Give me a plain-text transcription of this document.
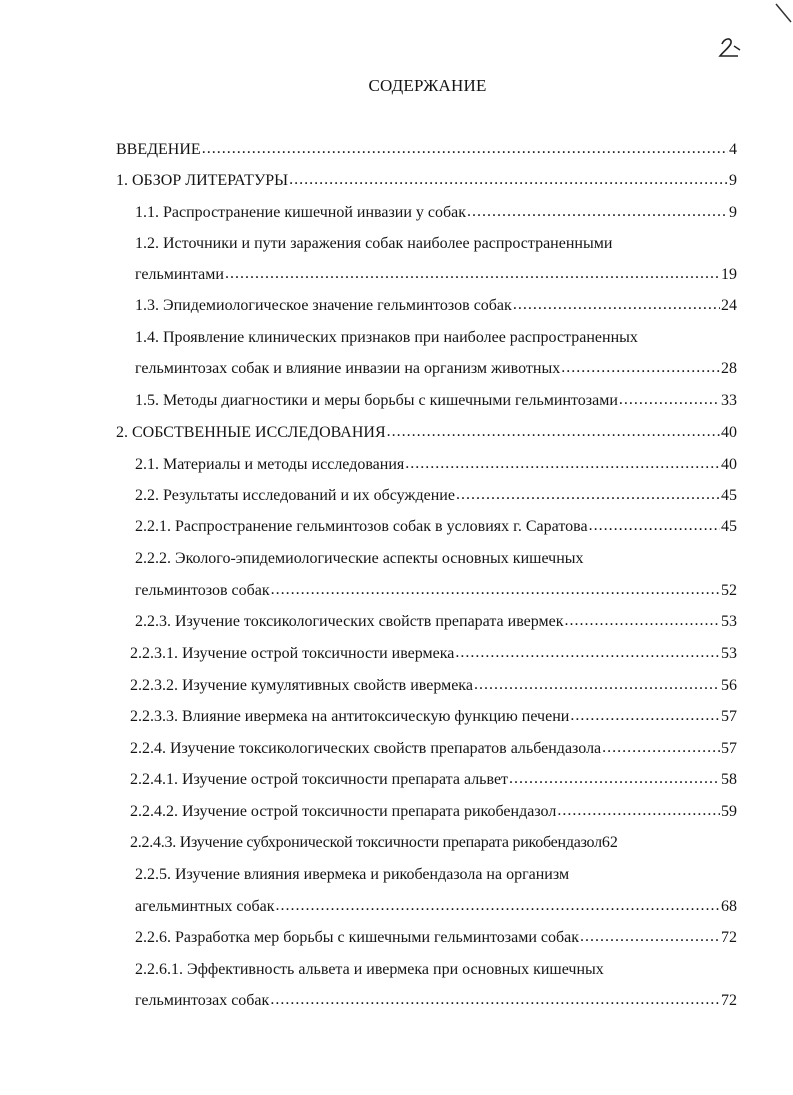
СОДЕРЖАНИЕ
ВВЕДЕНИЕ .....	4
1. ОБЗОР ЛИТЕРАТУРЫ .....	9
1.1. Распространение кишечной инвазии у собак .....	9
1.2. Источники и пути заражения собак наиболее распространенными
гельминтами .....	19
1.3. Эпидемиологическое значение гельминтозов собак .....	24
1.4. Проявление клинических признаков при наиболее распространенных
гельминтозах собак и влияние инвазии на организм животных .....	28
1.5. Методы диагностики и меры борьбы с кишечными гельминтозами .....	33
2. СОБСТВЕННЫЕ ИССЛЕДОВАНИЯ .....	40
2.1. Материалы и методы исследования .....	40
2.2. Результаты исследований и их обсуждение .....	45
2.2.1. Распространение гельминтозов собак в условиях г. Саратова .....	45
2.2.2. Эколого-эпидемиологические аспекты основных кишечных
гельминтозов собак .....	52
2.2.3. Изучение токсикологических свойств препарата ивермек .....	53
2.2.3.1. Изучение острой токсичности ивермека .....	53
2.2.3.2. Изучение кумулятивных свойств ивермека .....	56
2.2.3.3. Влияние ивермека на антитоксическую функцию печени .....	57
2.2.4. Изучение токсикологических свойств препаратов альбендазола .....	57
2.2.4.1. Изучение острой токсичности препарата альвет .....	58
2.2.4.2. Изучение острой токсичности препарата рикобендазол .....	59
2.2.4.3. Изучение субхронической токсичности препарата рикобендазол 62
2.2.5. Изучение влияния ивермека и рикобендазола на организм
агельминтных собак .....	68
2.2.6. Разработка мер борьбы с кишечными гельминтозами собак .....	72
2.2.6.1. Эффективность альвета и ивермека при основных кишечных
гельминтозах собак .....	72
